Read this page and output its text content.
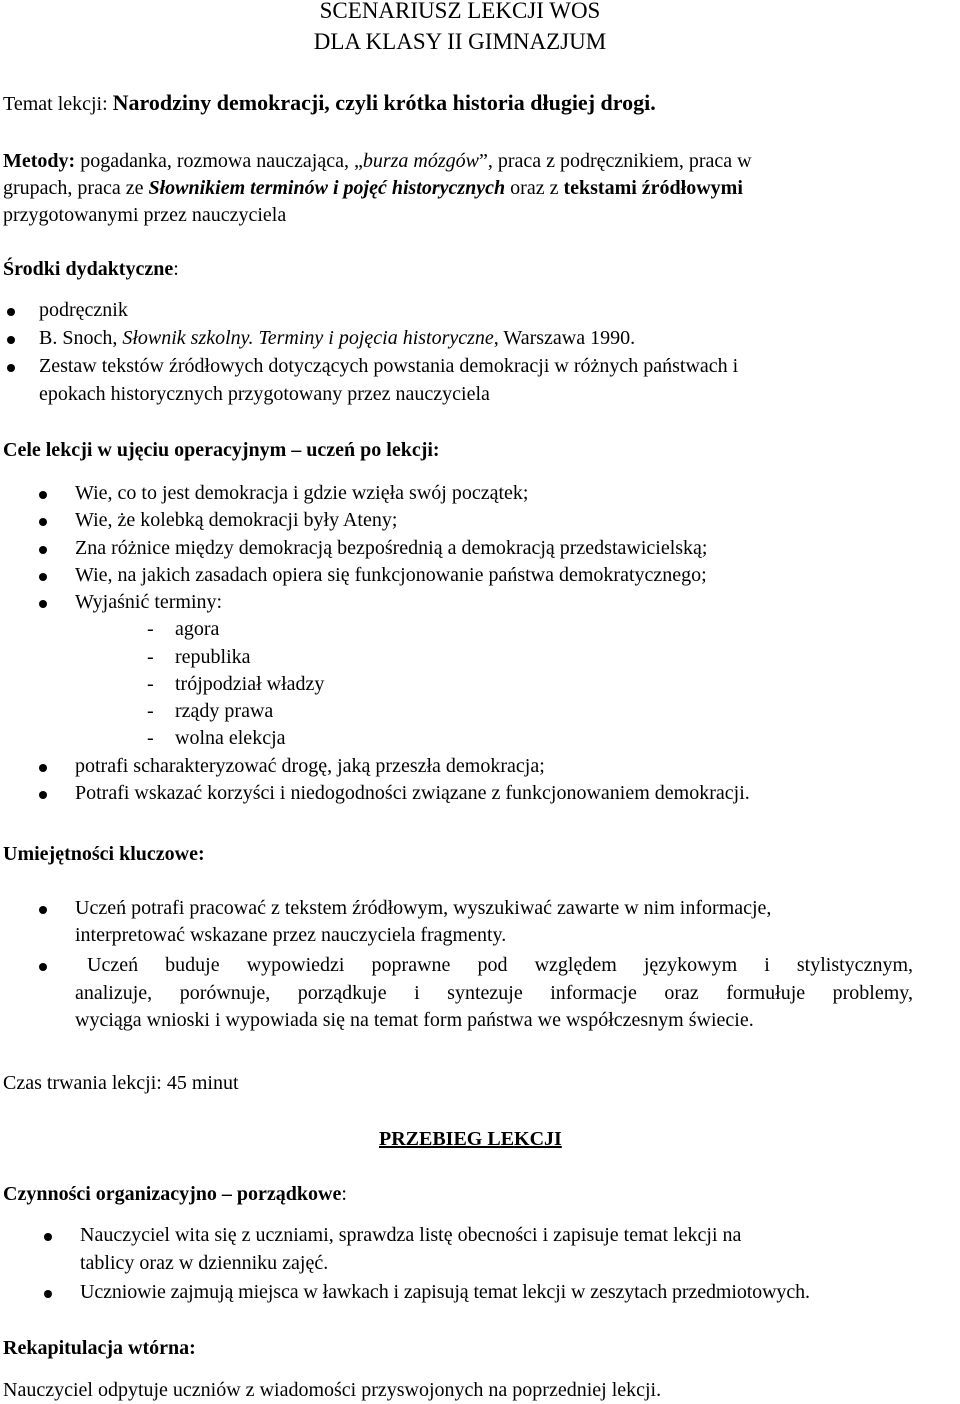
SCENARIUSZ LEKCJI WOS
DLA KLASY II GIMNAZJUM
Temat lekcji: Narodziny demokracji, czyli krótka historia długiej drogi.
Metody: pogadanka, rozmowa nauczająca, „burza mózgów”, praca z podręcznikiem, praca w
grupach, praca ze Słownikiem terminów i pojęć historycznych oraz z tekstami źródłowymi
przygotowanymi przez nauczyciela
Środki dydaktyczne:
podręcznik
B. Snoch, Słownik szkolny. Terminy i pojęcia historyczne, Warszawa 1990.
Zestaw tekstów źródłowych dotyczących powstania demokracji w różnych państwach i
epokach historycznych przygotowany przez nauczyciela
Cele lekcji w ujęciu operacyjnym – uczeń po lekcji:
Wie, co to jest demokracja i gdzie wzięła swój początek;
Wie, że kolebką demokracji były Ateny;
Zna różnice między demokracją bezpośrednią a demokracją przedstawicielską;
Wie, na jakich zasadach opiera się funkcjonowanie państwa demokratycznego;
Wyjaśnić terminy:
- agora
- republika
- trójpodział władzy
- rządy prawa
- wolna elekcja
potrafi scharakteryzować drogę, jaką przeszła demokracja;
Potrafi wskazać korzyści i niedogodności związane z funkcjonowaniem demokracji.
Umiejętności kluczowe:
Uczeń potrafi pracować z tekstem źródłowym, wyszukiwać zawarte w nim informacje,
interpretować wskazane przez nauczyciela fragmenty.
Uczeń buduje wypowiedzi poprawne pod względem językowym i stylistycznym,
analizuje, porównuje, porządkuje i syntezuje informacje oraz formułuje problemy,
wyciąga wnioski i wypowiada się na temat form państwa we współczesnym świecie.
Czas trwania lekcji: 45 minut
PRZEBIEG LEKCJI
Czynności organizacyjno – porządkowe:
Nauczyciel wita się z uczniami, sprawdza listę obecności i zapisuje temat lekcji na
tablicy oraz w dzienniku zajęć.
Uczniowie zajmują miejsca w ławkach i zapisują temat lekcji w zeszytach przedmiotowych.
Rekapitulacja wtórna:
Nauczyciel odpytuje uczniów z wiadomości przyswojonych na poprzedniej lekcji.
